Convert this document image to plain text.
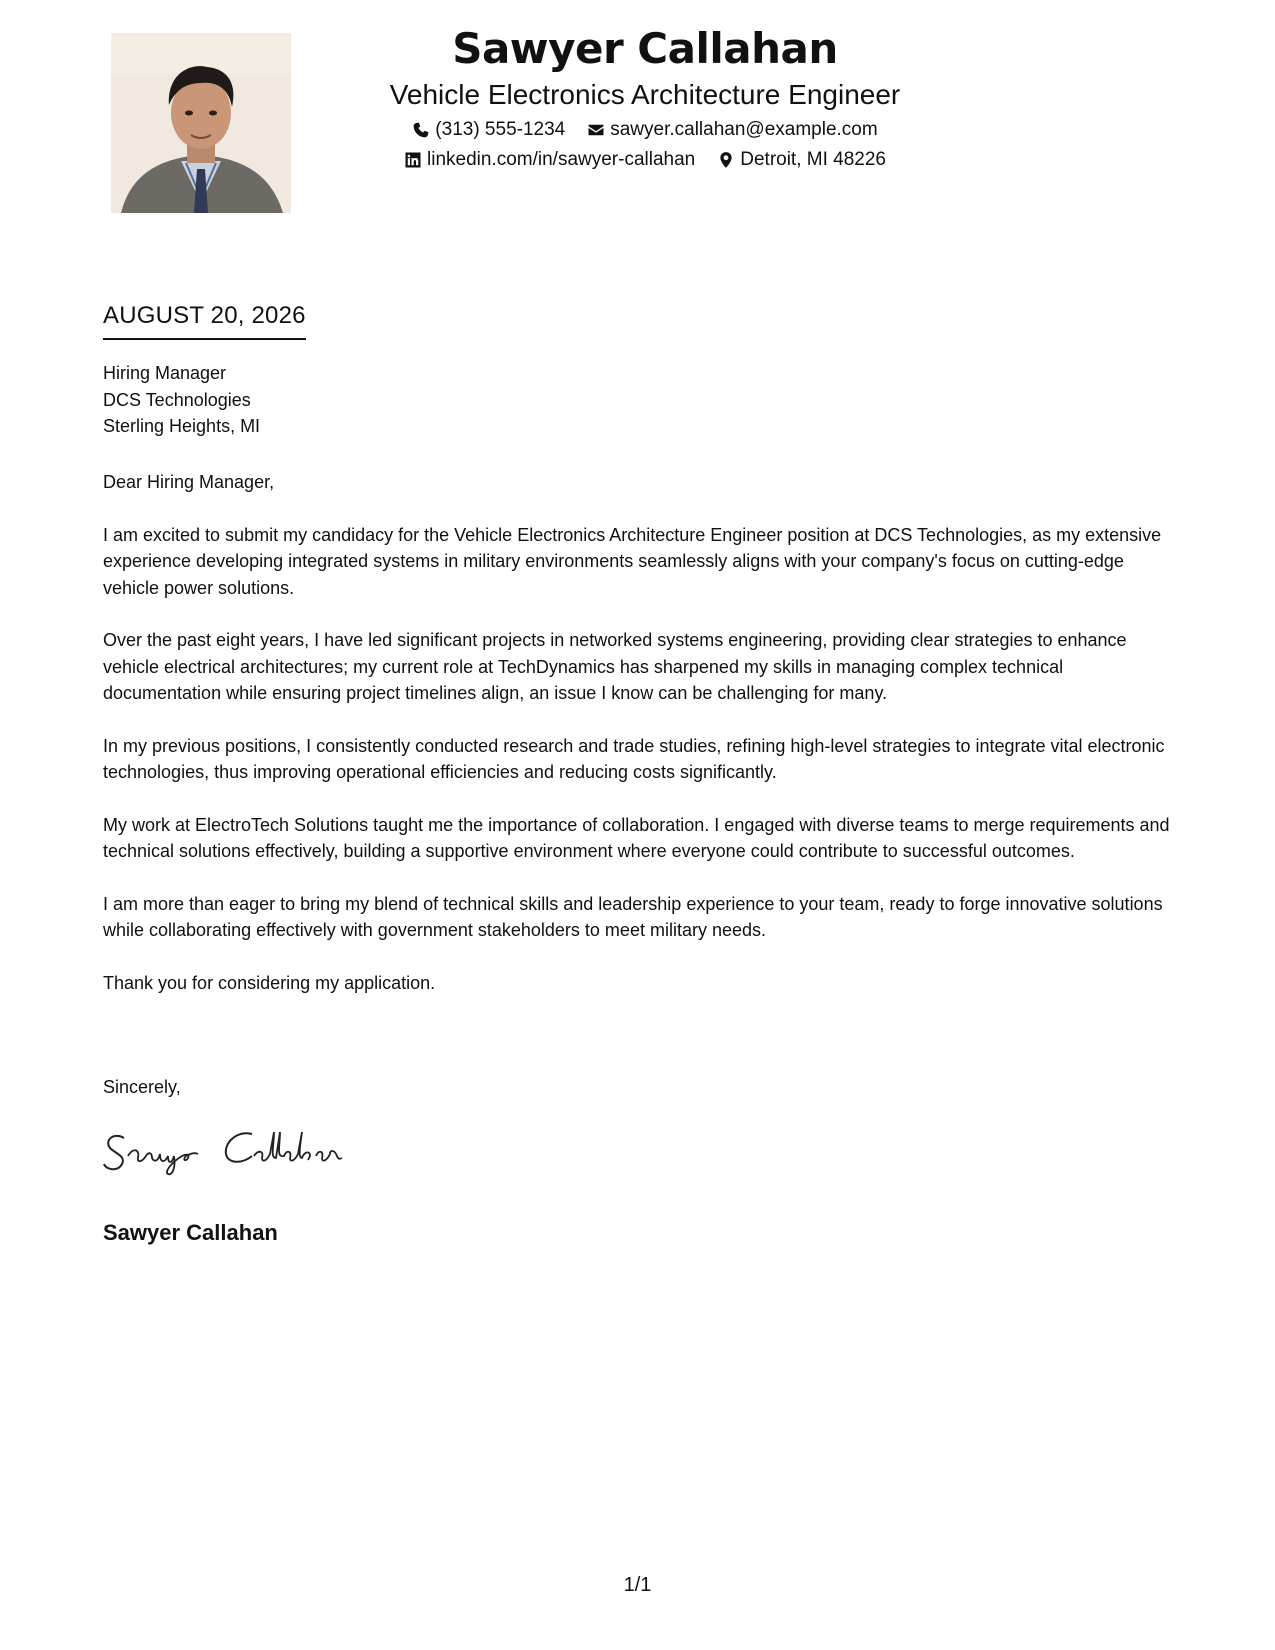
Sawyer Callahan
Vehicle Electronics Architecture Engineer
(313) 555-1234 sawyer.callahan@example.com
linkedin.com/in/sawyer-callahan Detroit, MI 48226
AUGUST 20, 2026
Hiring Manager
DCS Technologies
Sterling Heights, MI

Dear Hiring Manager,

I am excited to submit my candidacy for the Vehicle Electronics Architecture Engineer position at DCS Technologies, as my extensive experience developing integrated systems in military environments seamlessly aligns with your company's focus on cutting-edge vehicle power solutions.

Over the past eight years, I have led significant projects in networked systems engineering, providing clear strategies to enhance vehicle electrical architectures; my current role at TechDynamics has sharpened my skills in managing complex technical documentation while ensuring project timelines align, an issue I know can be challenging for many.

In my previous positions, I consistently conducted research and trade studies, refining high-level strategies to integrate vital electronic technologies, thus improving operational efficiencies and reducing costs significantly.

My work at ElectroTech Solutions taught me the importance of collaboration. I engaged with diverse teams to merge requirements and technical solutions effectively, building a supportive environment where everyone could contribute to successful outcomes.

I am more than eager to bring my blend of technical skills and leadership experience to your team, ready to forge innovative solutions while collaborating effectively with government stakeholders to meet military needs.

Thank you for considering my application.

Sincerely,
Sawyer Callahan
1/1
